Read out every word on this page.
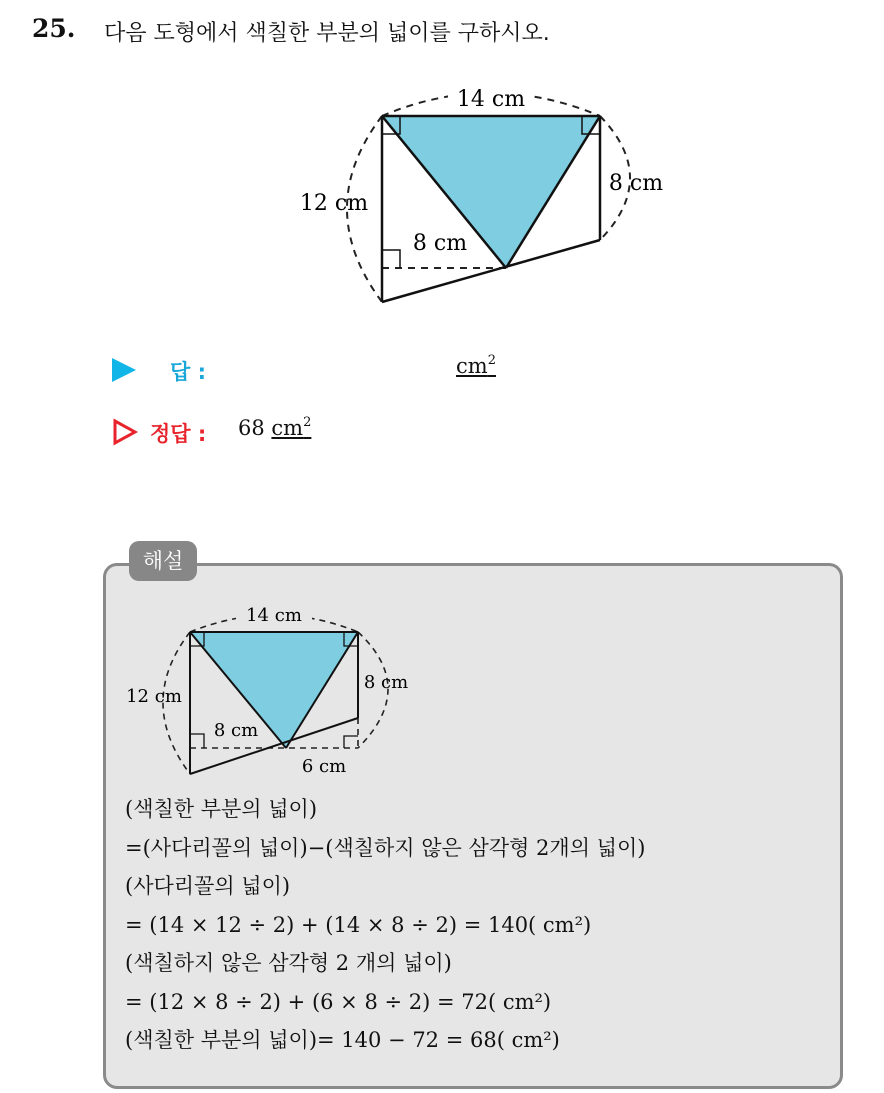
25. 다음 도형에서 색칠한 부분의 넓이를 구하시오.
14 cm
12 cm
8 cm
8 cm
답 :	$cm^2$
정답 : 68 $cm^2$
해설
14 cm
12 cm
8 cm
8 cm
6 cm
(색칠한 부분의 넓이)
=(사다리꼴의 넓이)−(색칠하지 않은 삼각형 2개의 넓이)
(사다리꼴의 넓이)
= (14 × 12 ÷ 2) + (14 × 8 ÷ 2) = 140( cm²)
(색칠하지 않은 삼각형 2 개의 넓이)
= (12 × 8 ÷ 2) + (6 × 8 ÷ 2) = 72( cm²)
(색칠한 부분의 넓이)= 140 − 72 = 68( cm²)
